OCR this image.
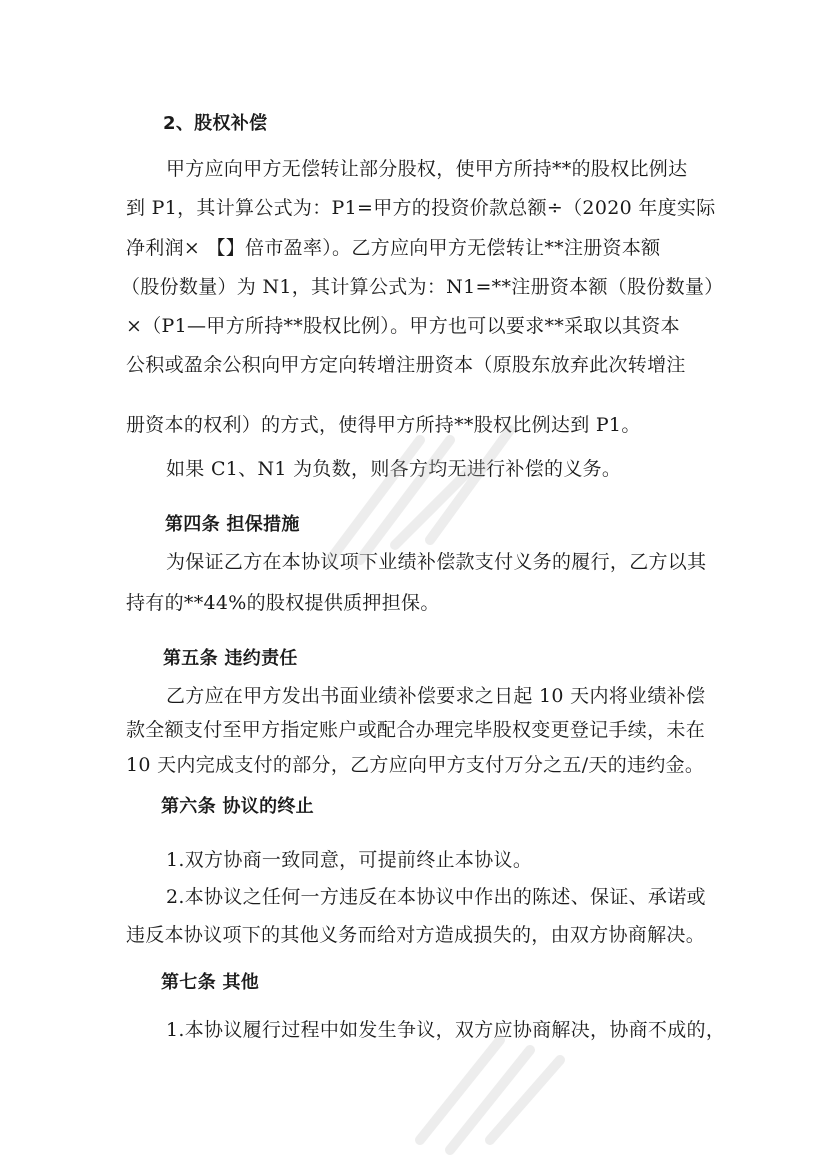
2、股权补偿
甲方应向甲方无偿转让部分股权，使甲方所持**的股权比例达
到 P1，其计算公式为：P1=甲方的投资价款总额÷（2020 年度实际
净利润× 【】倍市盈率）。乙方应向甲方无偿转让**注册资本额
（股份数量）为 N1，其计算公式为：N1=**注册资本额（股份数量）
×（P1—甲方所持**股权比例）。甲方也可以要求**采取以其资本
公积或盈余公积向甲方定向转增注册资本（原股东放弃此次转增注
册资本的权利）的方式，使得甲方所持**股权比例达到 P1。
如果 C1、N1 为负数，则各方均无进行补偿的义务。
第四条 担保措施
为保证乙方在本协议项下业绩补偿款支付义务的履行，乙方以其
持有的**44%的股权提供质押担保。
第五条 违约责任
乙方应在甲方发出书面业绩补偿要求之日起 10 天内将业绩补偿
款全额支付至甲方指定账户或配合办理完毕股权变更登记手续，未在
10 天内完成支付的部分，乙方应向甲方支付万分之五/天的违约金。
第六条 协议的终止
1.双方协商一致同意，可提前终止本协议。
2.本协议之任何一方违反在本协议中作出的陈述、保证、承诺或
违反本协议项下的其他义务而给对方造成损失的，由双方协商解决。
第七条 其他
1.本协议履行过程中如发生争议，双方应协商解决，协商不成的，
